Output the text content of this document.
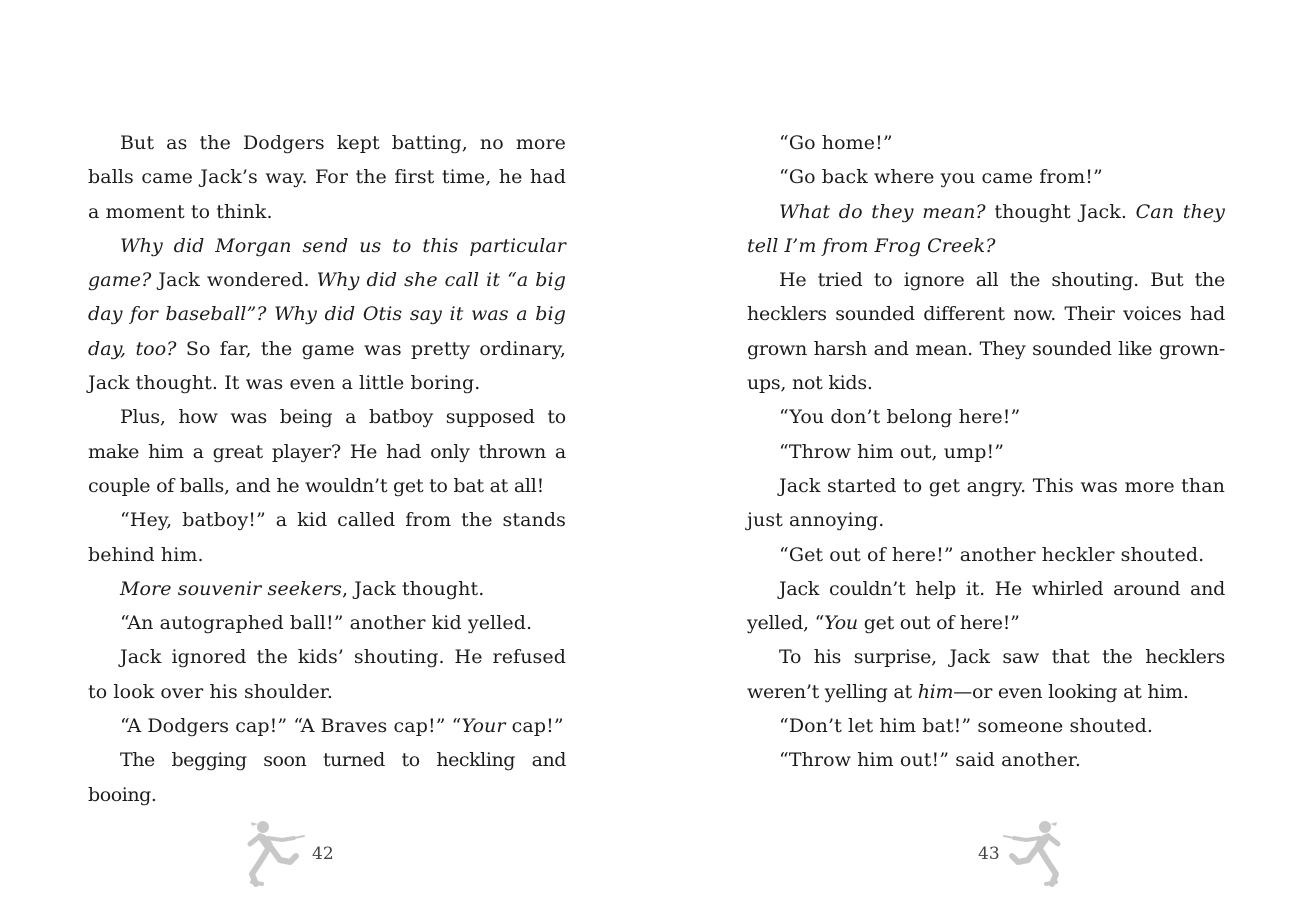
But as the Dodgers kept batting, no more balls came Jack’s way. For the first time, he had a moment to think.

Why did Morgan send us to this particular game? Jack wondered. Why did she call it “a big day for baseball”? Why did Otis say it was a big day, too? So far, the game was pretty ordinary, Jack thought. It was even a little boring.

Plus, how was being a batboy supposed to make him a great player? He had only thrown a couple of balls, and he wouldn’t get to bat at all!

“Hey, batboy!” a kid called from the stands behind him.

More souvenir seekers, Jack thought.

“An autographed ball!” another kid yelled.

Jack ignored the kids’ shouting. He refused to look over his shoulder.

“A Dodgers cap!” “A Braves cap!” “Your cap!”

The begging soon turned to heckling and booing.

“Go home!”

“Go back where you came from!”

What do they mean? thought Jack. Can they tell I’m from Frog Creek?

He tried to ignore all the shouting. But the hecklers sounded different now. Their voices had grown harsh and mean. They sounded like grown-ups, not kids.

“You don’t belong here!”

“Throw him out, ump!”

Jack started to get angry. This was more than just annoying.

“Get out of here!” another heckler shouted.

Jack couldn’t help it. He whirled around and yelled, “You get out of here!”

To his surprise, Jack saw that the hecklers weren’t yelling at him—or even looking at him.

“Don’t let him bat!” someone shouted.

“Throw him out!” said another.

42	43
